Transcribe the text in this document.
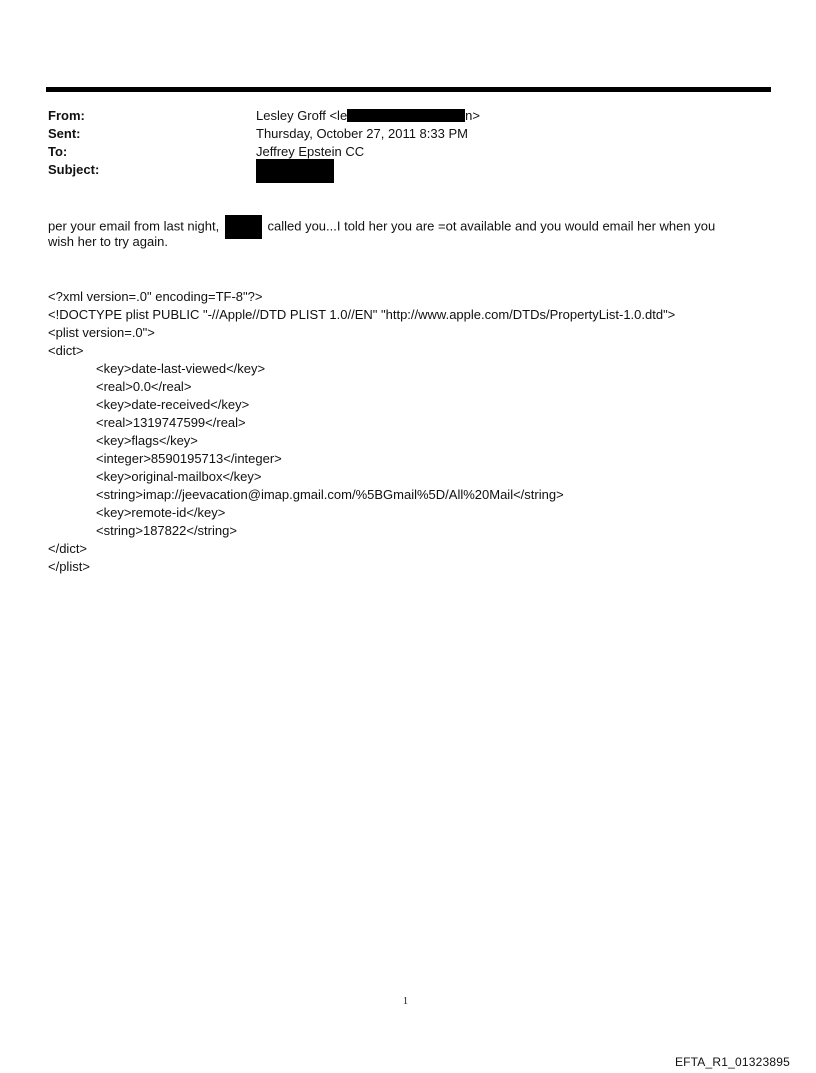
From:
Sent:
To:
Subject:
Lesley Groff <le	n>
Thursday, October 27, 2011 8:33 PM
Jeffrey Epstein CC
per your email from last night,	called you...I told her you are =ot available and you would email her when you
wish her to try again.
<?xml version=.0" encoding=TF-8"?>
<!DOCTYPE plist PUBLIC "-//Apple//DTD PLIST 1.0//EN" "http://www.apple.com/DTDs/PropertyList-1.0.dtd">
<plist version=.0">
<dict>
<key>date-last-viewed</key>
<real>0.0</real>
<key>date-received</key>
<real>1319747599</real>
<key>flags</key>
<integer>8590195713</integer>
<key>original-mailbox</key>
<string>imap://jeevacation@imap.gmail.com/%5BGmail%5D/All%20Mail</string>
<key>remote-id</key>
<string>187822</string>
</dict>
</plist>
1
EFTA_R1_01323895
